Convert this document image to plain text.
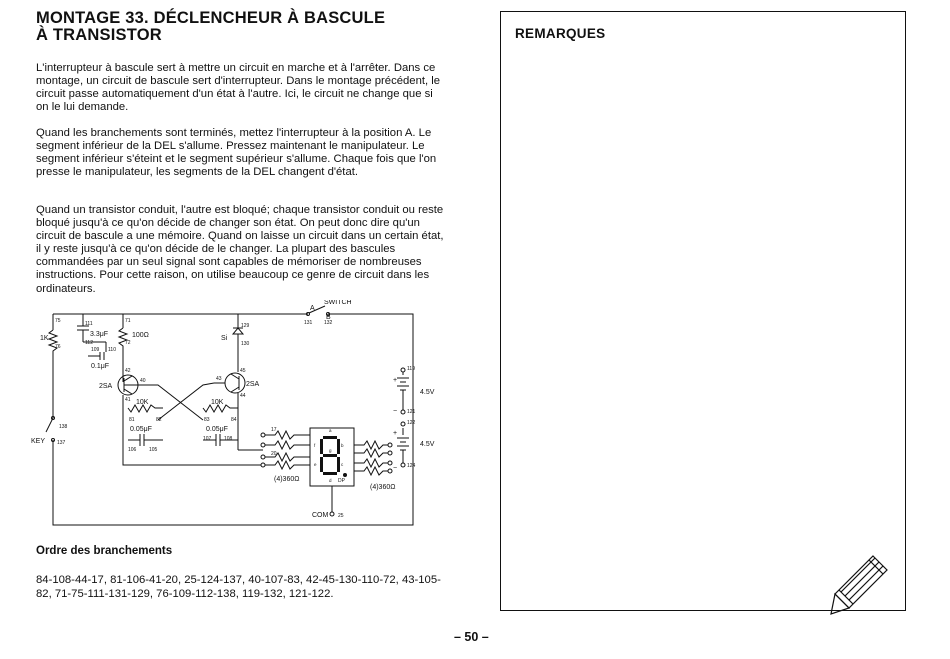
MONTAGE 33. DÉCLENCHEUR À BASCULE
À TRANSISTOR

L'interrupteur à bascule sert à mettre un circuit en marche et à l'arrêter. Dans ce montage, un circuit de bascule sert d'interrupteur. Dans le montage précédent, le circuit passe automatiquement d'un état à l'autre. Ici, le circuit ne change que si on le lui demande.

Quand les branchements sont terminés, mettez l'interrupteur à la position A. Le segment inférieur de la DEL s'allume. Pressez maintenant le manipulateur. Le segment inférieur s'éteint et le segment supérieur s'allume. Chaque fois que l'on presse le manipulateur, les segments de la DEL changent d'état.

Quand un transistor conduit, l'autre est bloqué; chaque transistor conduit ou reste bloqué jusqu'à ce qu'on décide de changer son état. On peut donc dire qu'un circuit de bascule a une mémoire. Quand on laisse un circuit dans un certain état, il y reste jusqu'à ce qu'on décide de le changer. La plupart des bascules commandées par un seul signal sont capables de mémoriser de nombreuses instructions. Pour cette raison, on utilise beaucoup ce genre de circuit dans les ordinateurs.

SWITCH
A
B
KEY
1K
3.3μF
0.1μF
100Ω	Si
2SA	2SA
10K	10K
0.05μF	0.05μF
4.5V
4.5V
(4)360Ω
(4)360Ω
DP
COM
+
+
−
−
75
76
71
72
111
112
109 110
129
130
42
40
41
43
45
44
81	82	83	84
106	105
107	108
131 132
138
137
119
121
122
124
17
20
25
a
b
c
d
e
f
g
Ordre des branchements
84-108-44-17, 81-106-41-20, 25-124-137, 40-107-83, 42-45-130-110-72, 43-105-82, 71-75-111-131-129, 76-109-112-138, 119-132, 121-122.
REMARQUES
– 50 –
